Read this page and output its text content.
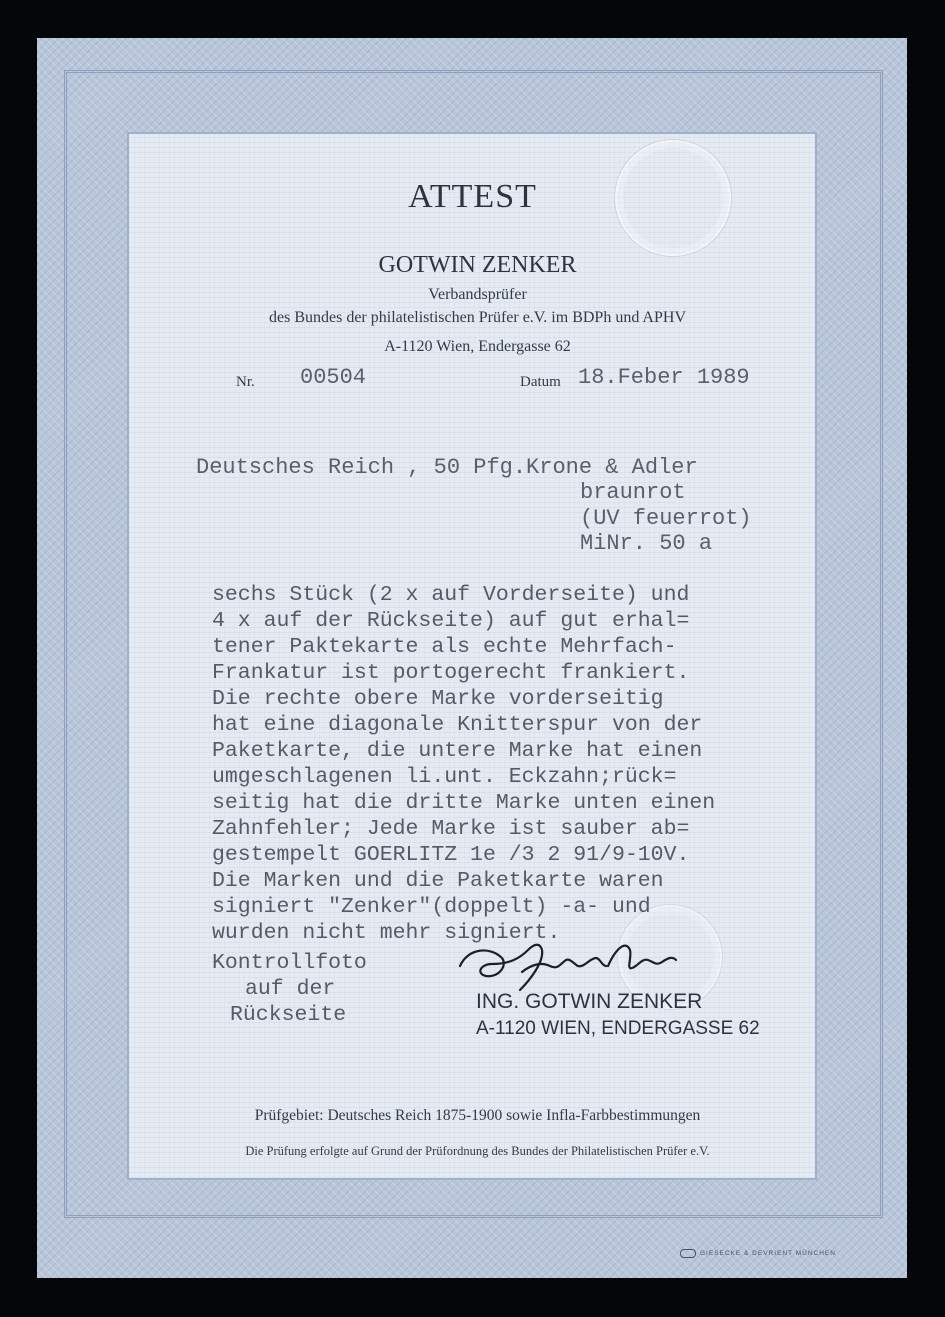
ATTEST
GOTWIN ZENKER
Verbandsprüfer
des Bundes der philatelistischen Prüfer e.V. im BDPh und APHV
A-1120 Wien, Endergasse 62
Nr. 00504	Datum 18.Feber 1989
Deutsches Reich , 50 Pfg.Krone & Adler
braunrot
(UV feuerrot)
MiNr. 50 a
sechs Stück (2 x auf Vorderseite) und
4 x auf der Rückseite) auf gut erhal=
tener Paktekarte als echte Mehrfach-
Frankatur ist portogerecht frankiert.
Die rechte obere Marke vorderseitig
hat eine diagonale Knitterspur von der
Paketkarte, die untere Marke hat einen
umgeschlagenen li.unt. Eckzahn;rück=
seitig hat die dritte Marke unten einen
Zahnfehler; Jede Marke ist sauber ab=
gestempelt GOERLITZ 1e /3 2 91/9-10V.
Die Marken und die Paketkarte waren
signiert "Zenker"(doppelt) -a- und
wurden nicht mehr signiert.
Kontrollfoto
auf der
Rückseite
ING. GOTWIN ZENKER
A-1120 WIEN, ENDERGASSE 62
Prüfgebiet: Deutsches Reich 1875-1900 sowie Infla-Farbbestimmungen
Die Prüfung erfolgte auf Grund der Prüfordnung des Bundes der Philatelistischen Prüfer e.V.
GIESECKE & DEVRIENT MÜNCHEN
